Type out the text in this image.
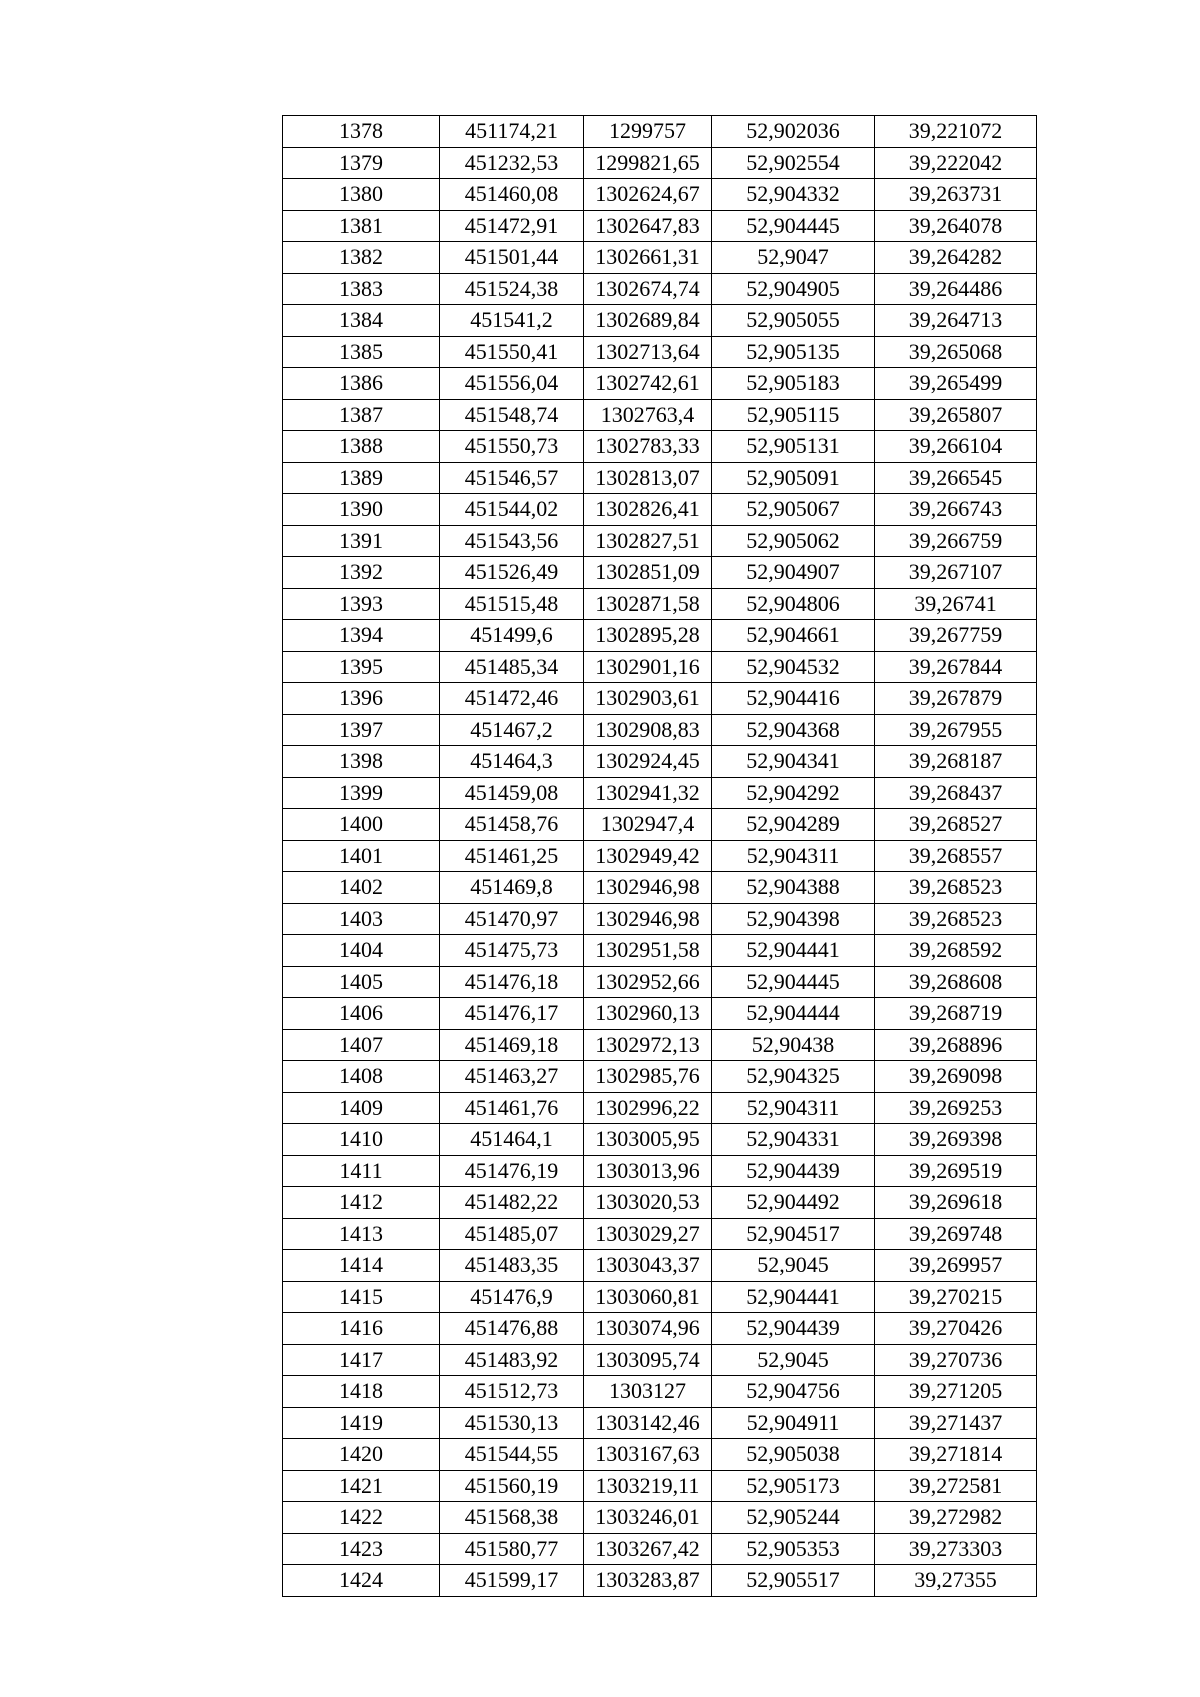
1378	451174,21	1299757	52,902036	39,221072
1379	451232,53	1299821,65	52,902554	39,222042
1380	451460,08	1302624,67	52,904332	39,263731
1381	451472,91	1302647,83	52,904445	39,264078
1382	451501,44	1302661,31	52,9047	39,264282
1383	451524,38	1302674,74	52,904905	39,264486
1384	451541,2	1302689,84	52,905055	39,264713
1385	451550,41	1302713,64	52,905135	39,265068
1386	451556,04	1302742,61	52,905183	39,265499
1387	451548,74	1302763,4	52,905115	39,265807
1388	451550,73	1302783,33	52,905131	39,266104
1389	451546,57	1302813,07	52,905091	39,266545
1390	451544,02	1302826,41	52,905067	39,266743
1391	451543,56	1302827,51	52,905062	39,266759
1392	451526,49	1302851,09	52,904907	39,267107
1393	451515,48	1302871,58	52,904806	39,26741
1394	451499,6	1302895,28	52,904661	39,267759
1395	451485,34	1302901,16	52,904532	39,267844
1396	451472,46	1302903,61	52,904416	39,267879
1397	451467,2	1302908,83	52,904368	39,267955
1398	451464,3	1302924,45	52,904341	39,268187
1399	451459,08	1302941,32	52,904292	39,268437
1400	451458,76	1302947,4	52,904289	39,268527
1401	451461,25	1302949,42	52,904311	39,268557
1402	451469,8	1302946,98	52,904388	39,268523
1403	451470,97	1302946,98	52,904398	39,268523
1404	451475,73	1302951,58	52,904441	39,268592
1405	451476,18	1302952,66	52,904445	39,268608
1406	451476,17	1302960,13	52,904444	39,268719
1407	451469,18	1302972,13	52,90438	39,268896
1408	451463,27	1302985,76	52,904325	39,269098
1409	451461,76	1302996,22	52,904311	39,269253
1410	451464,1	1303005,95	52,904331	39,269398
1411	451476,19	1303013,96	52,904439	39,269519
1412	451482,22	1303020,53	52,904492	39,269618
1413	451485,07	1303029,27	52,904517	39,269748
1414	451483,35	1303043,37	52,9045	39,269957
1415	451476,9	1303060,81	52,904441	39,270215
1416	451476,88	1303074,96	52,904439	39,270426
1417	451483,92	1303095,74	52,9045	39,270736
1418	451512,73	1303127	52,904756	39,271205
1419	451530,13	1303142,46	52,904911	39,271437
1420	451544,55	1303167,63	52,905038	39,271814
1421	451560,19	1303219,11	52,905173	39,272581
1422	451568,38	1303246,01	52,905244	39,272982
1423	451580,77	1303267,42	52,905353	39,273303
1424	451599,17	1303283,87	52,905517	39,27355
